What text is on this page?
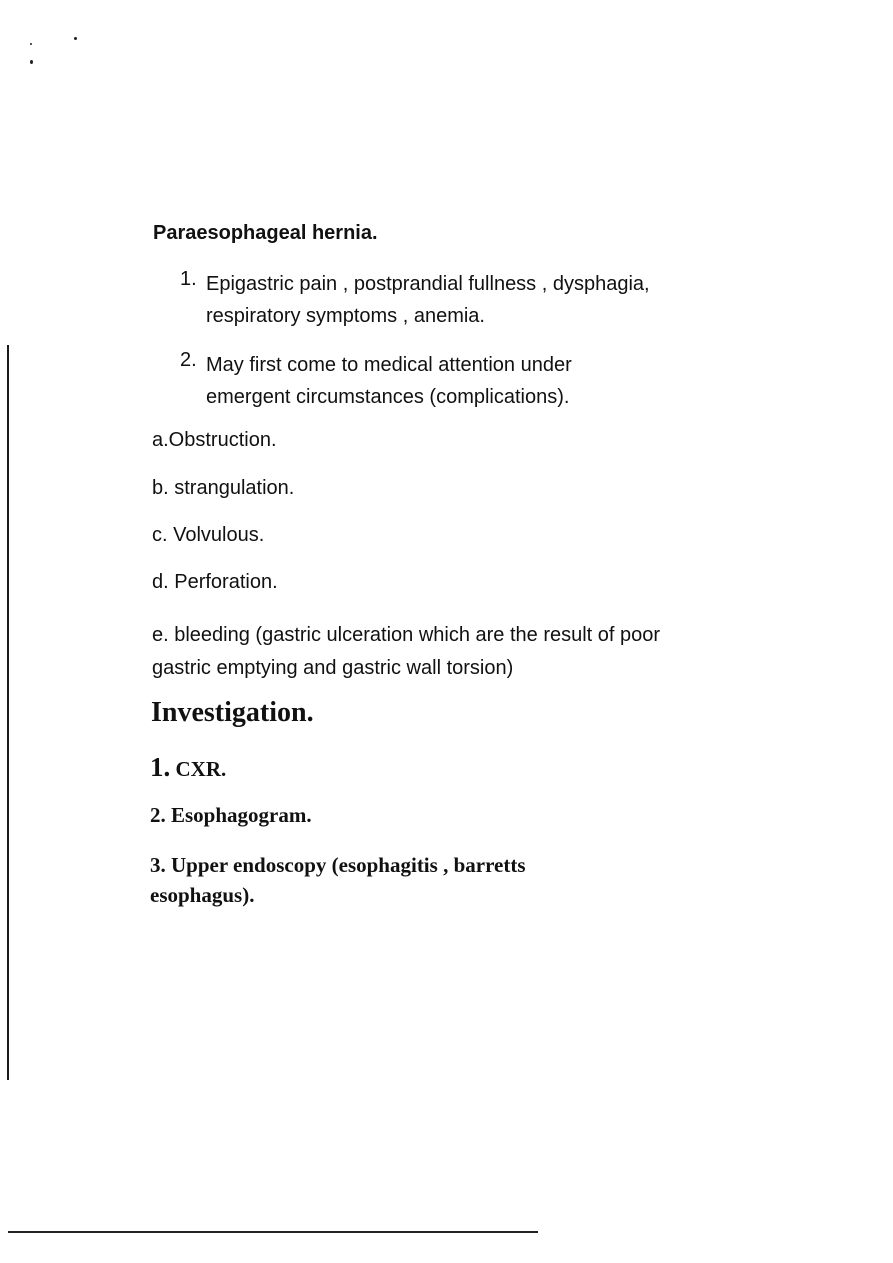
Paraesophageal hernia.
1. Epigastric pain , postprandial fullness , dysphagia, respiratory symptoms , anemia.
2. May first come to medical attention under emergent circumstances (complications).

a.Obstruction.

b. strangulation.

c. Volvulous.

d. Perforation.

e. bleeding (gastric ulceration which are the result of poor gastric emptying and gastric wall torsion)

Investigation.

1. CXR.

2. Esophagogram.

3. Upper endoscopy (esophagitis , barretts esophagus).
